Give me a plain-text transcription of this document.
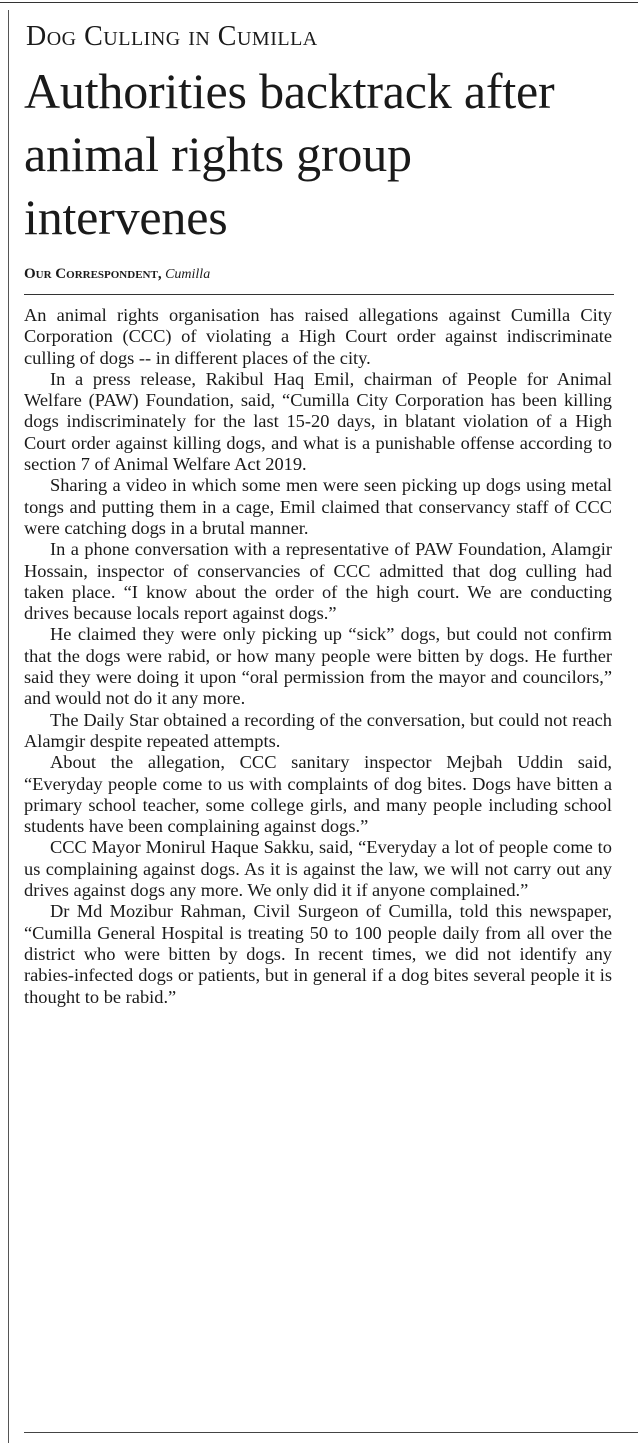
Dog Culling in Cumilla
Authorities backtrack after animal rights group intervenes
Our Correspondent, Cumilla

An animal rights organisation has raised allegations against Cumilla City Corporation (CCC) of violating a High Court order against indiscriminate culling of dogs -- in different places of the city.

In a press release, Rakibul Haq Emil, chairman of People for Animal Welfare (PAW) Foundation, said, “Cumilla City Corporation has been killing dogs indiscriminately for the last 15-20 days, in blatant violation of a High Court order against killing dogs, and what is a punishable offense according to section 7 of Animal Welfare Act 2019.

Sharing a video in which some men were seen picking up dogs using metal tongs and putting them in a cage, Emil claimed that conservancy staff of CCC were catching dogs in a brutal manner.

In a phone conversation with a representative of PAW Foundation, Alamgir Hossain, inspector of conservancies of CCC admitted that dog culling had taken place. “I know about the order of the high court. We are conducting drives because locals report against dogs.”

He claimed they were only picking up “sick” dogs, but could not confirm that the dogs were rabid, or how many people were bitten by dogs. He further said they were doing it upon “oral permission from the mayor and councilors,” and would not do it any more.

The Daily Star obtained a recording of the conversation, but could not reach Alamgir despite repeated attempts.

About the allegation, CCC sanitary inspector Mejbah Uddin said, “Everyday people come to us with complaints of dog bites. Dogs have bitten a primary school teacher, some college girls, and many people including school students have been complaining against dogs.”

CCC Mayor Monirul Haque Sakku, said, “Everyday a lot of people come to us complaining against dogs. As it is against the law, we will not carry out any drives against dogs any more. We only did it if anyone complained.”

Dr Md Mozibur Rahman, Civil Surgeon of Cumilla, told this newspaper, “Cumilla General Hospital is treating 50 to 100 people daily from all over the district who were bitten by dogs. In recent times, we did not identify any rabies-infected dogs or patients, but in general if a dog bites several people it is thought to be rabid.”
